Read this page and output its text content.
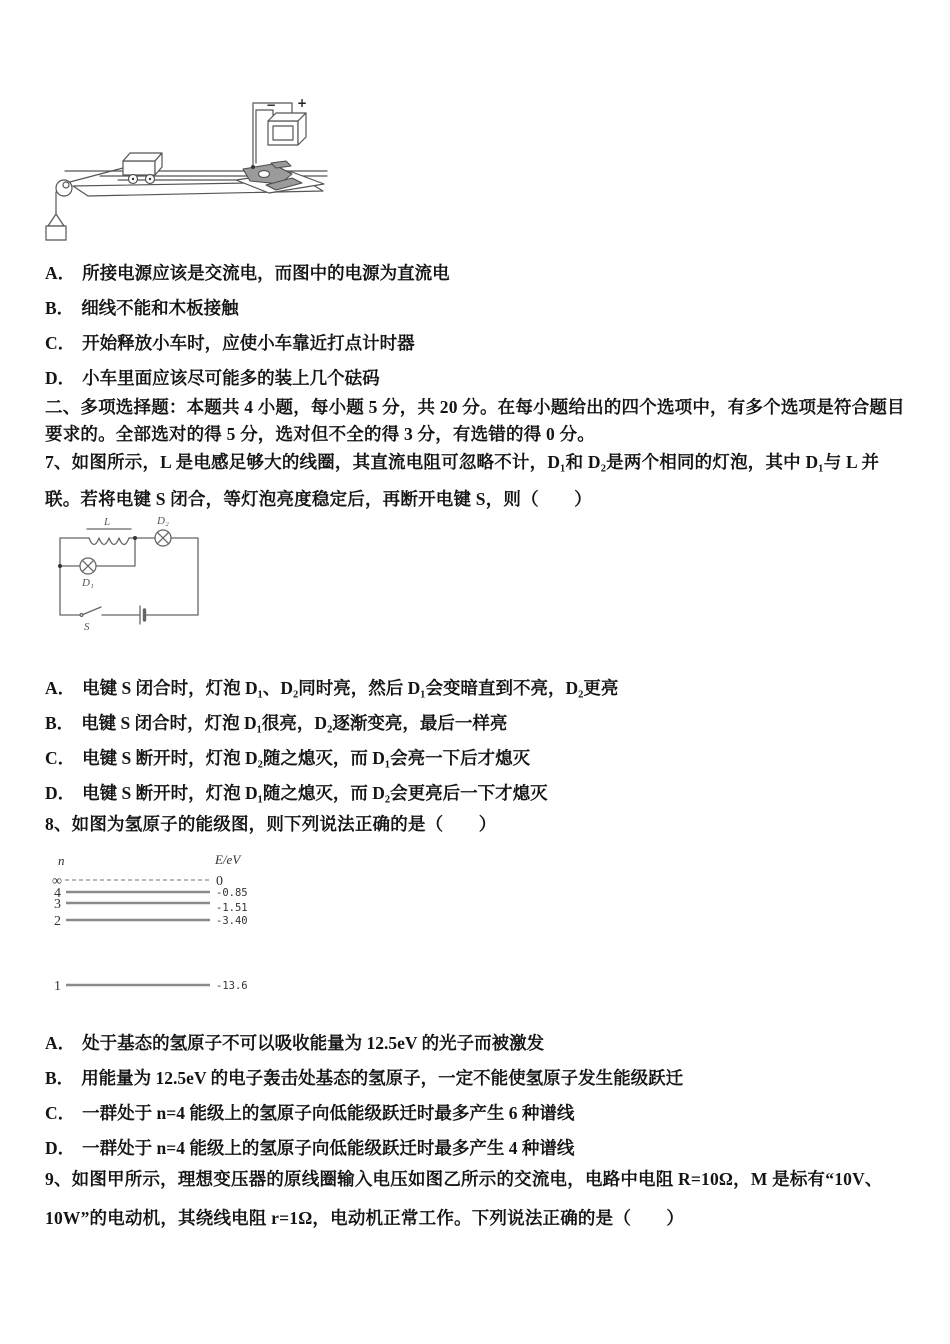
− +
A． 所接电源应该是交流电，而图中的电源为直流电
B． 细线不能和木板接触
C． 开始释放小车时，应使小车靠近打点计时器
D． 小车里面应该尽可能多的装上几个砝码
二、多项选择题：本题共 4 小题，每小题 5 分，共 20 分。在每小题给出的四个选项中，有多个选项是符合题目要求的。全部选对的得 5 分，选对但不全的得 3 分，有选错的得 0 分。
7、如图所示，L 是电感足够大的线圈，其直流电阻可忽略不计，D₁和 D₂是两个相同的灯泡，其中 D₁与 L 并联。若将电键 S 闭合，等灯泡亮度稳定后，再断开电键 S，则（　　）
L	D₂
D₁
S
A． 电键 S 闭合时，灯泡 D₁、D₂同时亮，然后 D₁会变暗直到不亮，D₂更亮
B． 电键 S 闭合时，灯泡 D₁很亮，D₂逐渐变亮，最后一样亮
C． 电键 S 断开时，灯泡 D₂随之熄灭，而 D₁会亮一下后才熄灭
D． 电键 S 断开时，灯泡 D₁随之熄灭，而 D₂会更亮后一下才熄灭
8、如图为氢原子的能级图，则下列说法正确的是（　　）
n	E/eV
∞	0
4	-0.85
3	-1.51
2	-3.40
1	-13.6
A． 处于基态的氢原子不可以吸收能量为 12.5eV 的光子而被激发
B． 用能量为 12.5eV 的电子轰击处基态的氢原子，一定不能使氢原子发生能级跃迁
C． 一群处于 n=4 能级上的氢原子向低能级跃迁时最多产生 6 种谱线
D． 一群处于 n=4 能级上的氢原子向低能级跃迁时最多产生 4 种谱线
9、如图甲所示，理想变压器的原线圈输入电压如图乙所示的交流电，电路中电阻 R=10Ω，M 是标有“10V、10W”的电动机，其绕线电阻 r=1Ω，电动机正常工作。下列说法正确的是（　　）
